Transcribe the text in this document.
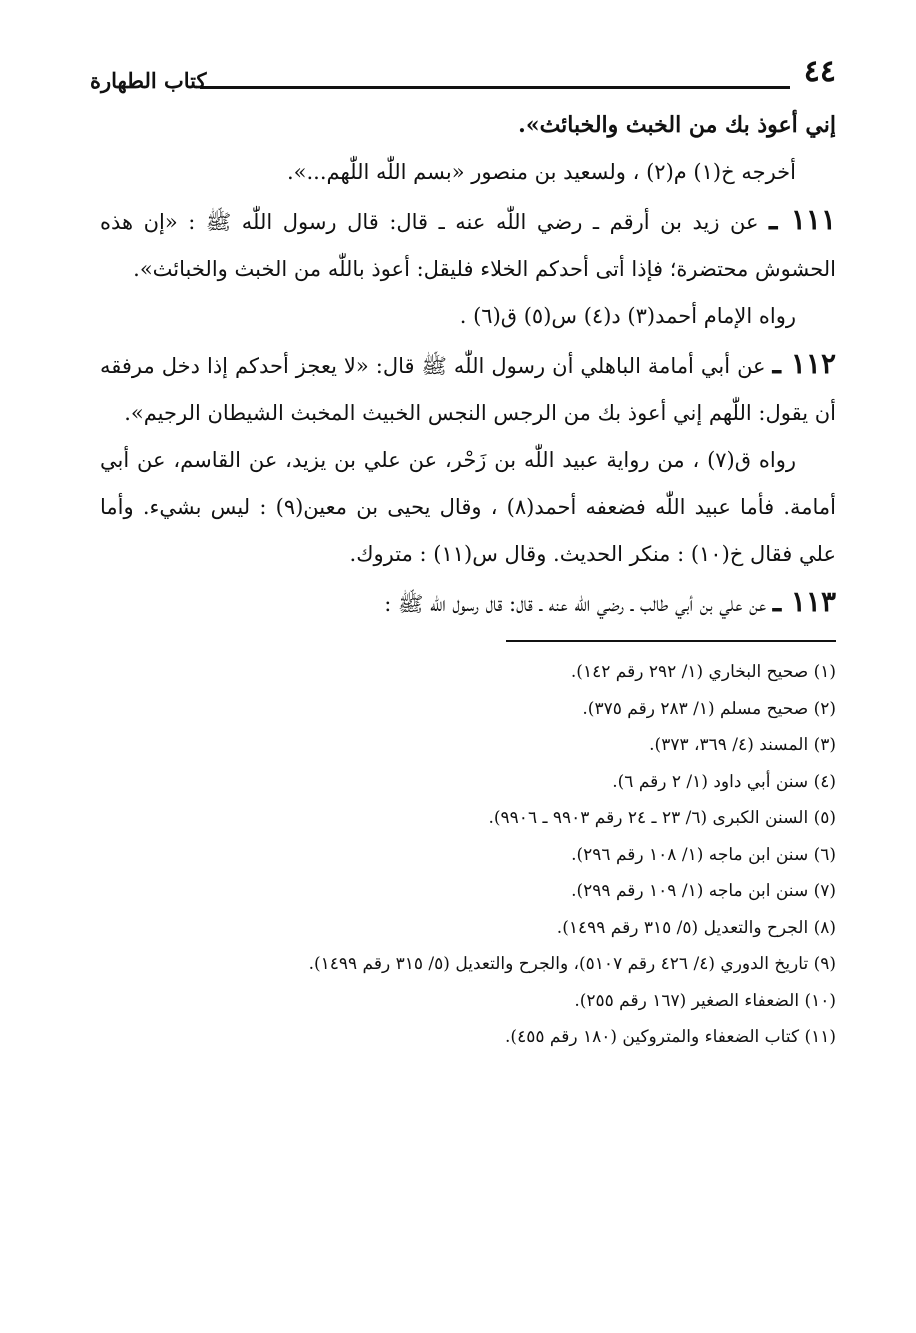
٤٤
كتاب الطهارة

إني أعوذ بك من الخبث والخبائث».

أخرجه خ(١) م(٢) ، ولسعيد بن منصور «بسم اللّٰه اللّٰهم...».

١١١ ـ عن زيد بن أرقم ـ رضي اللّٰه عنه ـ قال: قال رسول اللّٰه ﷺ : «إن هذه الحشوش محتضرة؛ فإذا أتى أحدكم الخلاء فليقل: أعوذ باللّٰه من الخبث والخبائث».

رواه الإمام أحمد(٣) د(٤) س(٥) ق(٦) .

١١٢ ـ عن أبي أمامة الباهلي أن رسول اللّٰه ﷺ قال: «لا يعجز أحدكم إذا دخل مرفقه أن يقول: اللّٰهم إني أعوذ بك من الرجس النجس الخبيث المخبث الشيطان الرجيم».

رواه ق(٧) ، من رواية عبيد اللّٰه بن زَحْر، عن علي بن يزيد، عن القاسم، عن أبي أمامة. فأما عبيد اللّٰه فضعفه أحمد(٨) ، وقال يحيى بن معين(٩) : ليس بشيء. وأما علي فقال خ(١٠) : منكر الحديث. وقال س(١١) : متروك.

١١٣ ـ عن علي بن أبي طالب ـ رضي اللّٰه عنه ـ قال: قال رسول اللّٰه ﷺ :

(١) صحيح البخاري (١/ ٢٩٢ رقم ١٤٢).

(٢) صحيح مسلم (١/ ٢٨٣ رقم ٣٧٥).

(٣) المسند (٤/ ٣٦٩، ٣٧٣).

(٤) سنن أبي داود (١/ ٢ رقم ٦).

(٥) السنن الكبرى (٦/ ٢٣ ـ ٢٤ رقم ٩٩٠٣ ـ ٩٩٠٦).

(٦) سنن ابن ماجه (١/ ١٠٨ رقم ٢٩٦).

(٧) سنن ابن ماجه (١/ ١٠٩ رقم ٢٩٩).

(٨) الجرح والتعديل (٥/ ٣١٥ رقم ١٤٩٩).

(٩) تاريخ الدوري (٤/ ٤٢٦ رقم ٥١٠٧)، والجرح والتعديل (٥/ ٣١٥ رقم ١٤٩٩).

(١٠) الضعفاء الصغير (١٦٧ رقم ٢٥٥).

(١١) كتاب الضعفاء والمتروكين (١٨٠ رقم ٤٥٥).
